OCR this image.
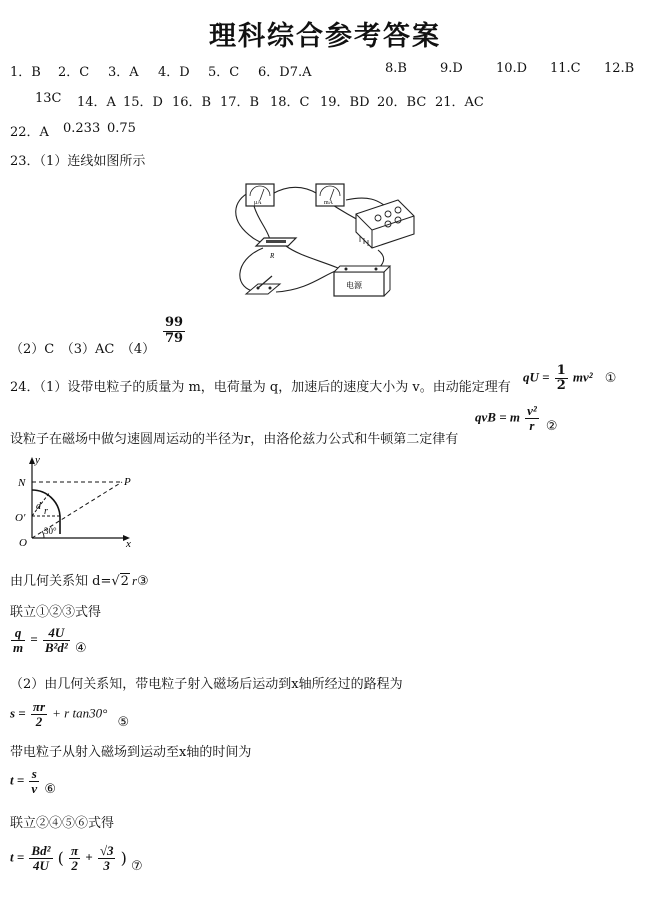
理科综合参考答案
1．B 2．C 3．A 4．D 5．C 6．D7.A	8.B	9.D	10.D 11.C 12.B
13C 14．A 15．D 16．B 17．B 18．C 19．BD 20．BC 21．AC
22．A 0.233 0.75
23．（1）连线如图所示
μA	mA
R
电源
（2）C　（3）AC　（4）
$\frac{99}{79}$
24．（1）设带电粒子的质量为 m，电荷量为 q，加速后的速度大小为 v。由动能定理有
qU = $\frac{1}{2} mv^2$ ①
设粒子在磁场中做匀速圆周运动的半径为r，由洛伦兹力公式和牛顿第二定律有
qvB = m $\frac{\text{v²}}{r}$ ②
y
x
N	P
O′
O
d r
30°
由几何关系知 d=√2 r③
联立①②③式得
$\frac{q}{m} = \frac{4U}{\text{B²d²}}$ ④
（2）由几何关系知，带电粒子射入磁场后运动到x轴所经过的路程为
$s = \frac{\pi r}{2} + r$ tan30° ⑤
带电粒子从射入磁场到运动至x轴的时间为
$t = \frac{s}{v}$ ⑥
联立②④⑤⑥式得
$t = \frac{\text{Bd²}}{4U}$ ( $\frac{\pi}{2} + \frac{√3}{3}$ ) ⑦
